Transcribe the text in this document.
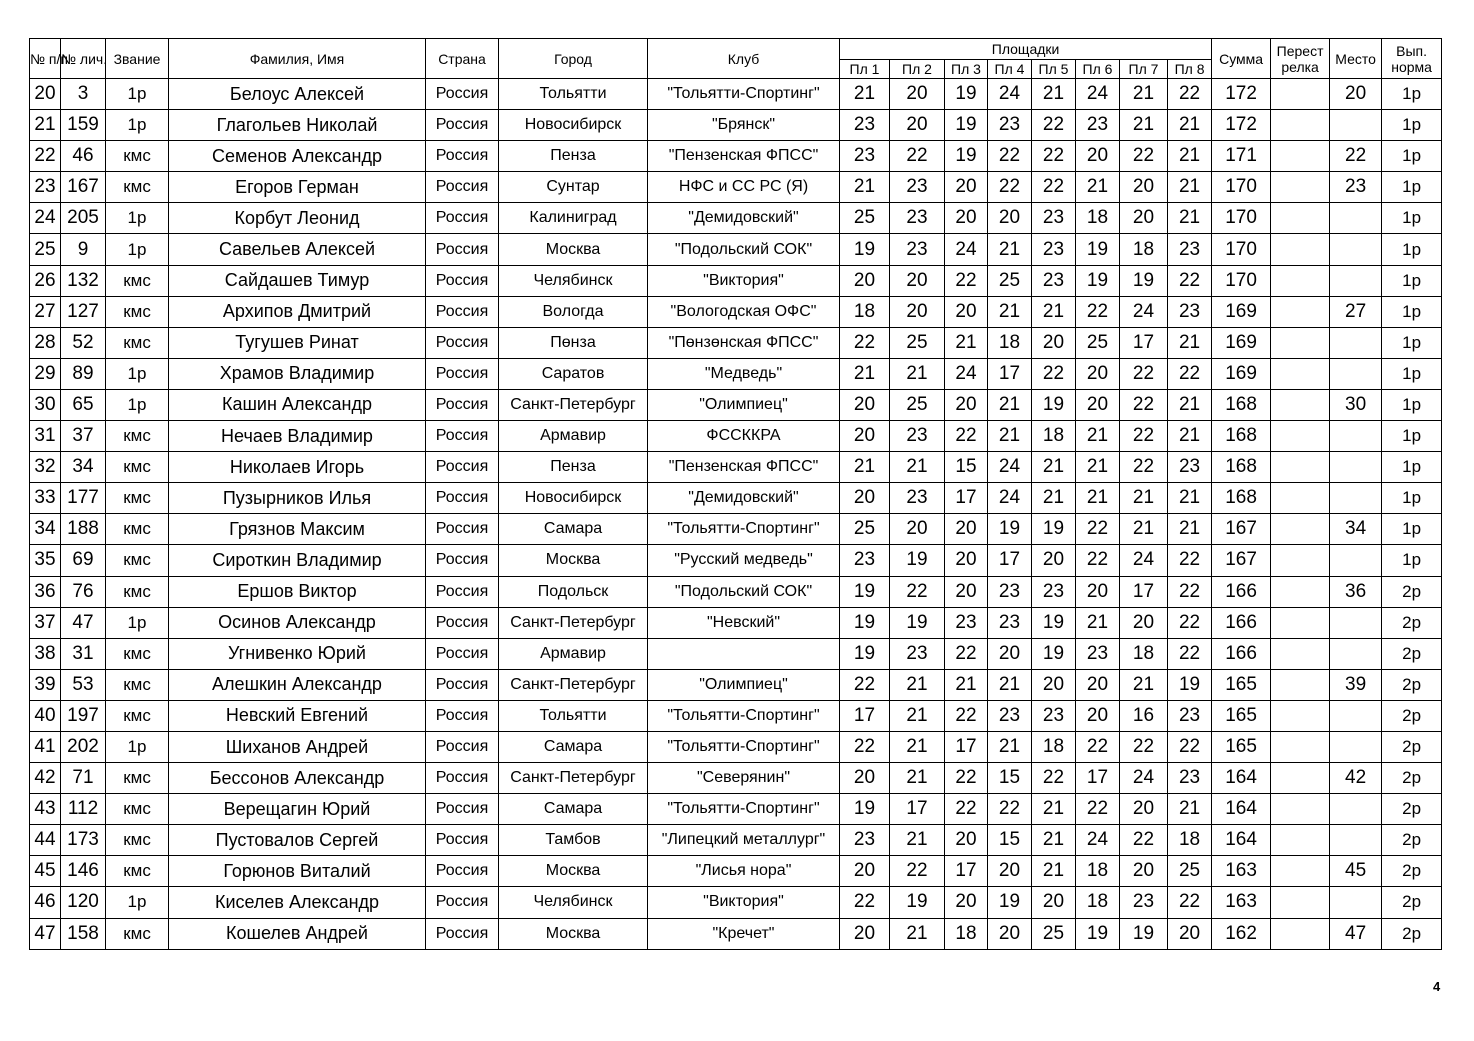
№ п/п	№ лич.	Звание	Фамилия, Имя	Страна	Город	Клуб	Площадки								Сумма	Перест релка	Место	Вып. норма
							Пл 1	Пл 2	Пл 3	Пл 4	Пл 5	Пл 6	Пл 7	Пл 8				
20	3	1р	Белоус Алексей	Россия	Тольятти	"Тольятти-Спортинг"	21	20	19	24	21	24	21	22	172		20	1р
21	159	1р	Глагольев Николай	Россия	Новосибирск	"Брянск"	23	20	19	23	22	23	21	21	172			1р
22	46	кмс	Семенов Александр	Россия	Пенза	"Пензенская ФПСС"	23	22	19	22	22	20	22	21	171		22	1р
23	167	кмс	Егоров Герман	Россия	Сунтар	НФС и СС РС (Я)	21	23	20	22	22	21	20	21	170		23	1р
24	205	1р	Корбут Леонид	Россия	Калиниград	"Демидовский"	25	23	20	20	23	18	20	21	170			1р
25	9	1р	Савельев Алексей	Россия	Москва	"Подольский СОК"	19	23	24	21	23	19	18	23	170			1р
26	132	кмс	Сайдашев Тимур	Россия	Челябинск	"Виктория"	20	20	22	25	23	19	19	22	170			1р
27	127	кмс	Архипов Дмитрий	Россия	Вологда	"Вологодская ОФС"	18	20	20	21	21	22	24	23	169		27	1р
28	52	кмс	Тугушев Ринат	Россия	Пөнза	"Пөнзөнская ФПСС"	22	25	21	18	20	25	17	21	169			1р
29	89	1р	Храмов Владимир	Россия	Саратов	"Медведь"	21	21	24	17	22	20	22	22	169			1р
30	65	1р	Кашин Александр	Россия	Санкт-Петербург	"Олимпиец"	20	25	20	21	19	20	22	21	168		30	1р
31	37	кмс	Нечаев Владимир	Россия	Армавир	ФССККРА	20	23	22	21	18	21	22	21	168			1р
32	34	кмс	Николаев Игорь	Россия	Пенза	"Пензенская ФПСС"	21	21	15	24	21	21	22	23	168			1р
33	177	кмс	Пузырников Илья	Россия	Новосибирск	"Демидовский"	20	23	17	24	21	21	21	21	168			1р
34	188	кмс	Грязнов Максим	Россия	Самара	"Тольятти-Спортинг"	25	20	20	19	19	22	21	21	167		34	1р
35	69	кмс	Сироткин Владимир	Россия	Москва	"Русский медведь"	23	19	20	17	20	22	24	22	167			1р
36	76	кмс	Ершов Виктор	Россия	Подольск	"Подольский СОК"	19	22	20	23	23	20	17	22	166		36	2р
37	47	1р	Осинов Александр	Россия	Санкт-Петербург	"Невский"	19	19	23	23	19	21	20	22	166			2р
38	31	кмс	Угнивенко Юрий	Россия	Армавир		19	23	22	20	19	23	18	22	166			2р
39	53	кмс	Алешкин Александр	Россия	Санкт-Петербург	"Олимпиец"	22	21	21	21	20	20	21	19	165		39	2р
40	197	кмс	Невский Евгений	Россия	Тольятти	"Тольятти-Спортинг"	17	21	22	23	23	20	16	23	165			2р
41	202	1р	Шиханов Андрей	Россия	Самара	"Тольятти-Спортинг"	22	21	17	21	18	22	22	22	165			2р
42	71	кмс	Бессонов Александр	Россия	Санкт-Петербург	"Северянин"	20	21	22	15	22	17	24	23	164		42	2р
43	112	кмс	Верещагин Юрий	Россия	Самара	"Тольятти-Спортинг"	19	17	22	22	21	22	20	21	164			2р
44	173	кмс	Пустовалов Сергей	Россия	Тамбов	"Липецкий металлург"	23	21	20	15	21	24	22	18	164			2р
45	146	кмс	Горюнов Виталий	Россия	Москва	"Лисья нора"	20	22	17	20	21	18	20	25	163		45	2р
46	120	1р	Киселев Александр	Россия	Челябинск	"Виктория"	22	19	20	19	20	18	23	22	163			2р
47	158	кмс	Кошелев Андрей	Россия	Москва	"Кречет"	20	21	18	20	25	19	19	20	162		47	2р
4
